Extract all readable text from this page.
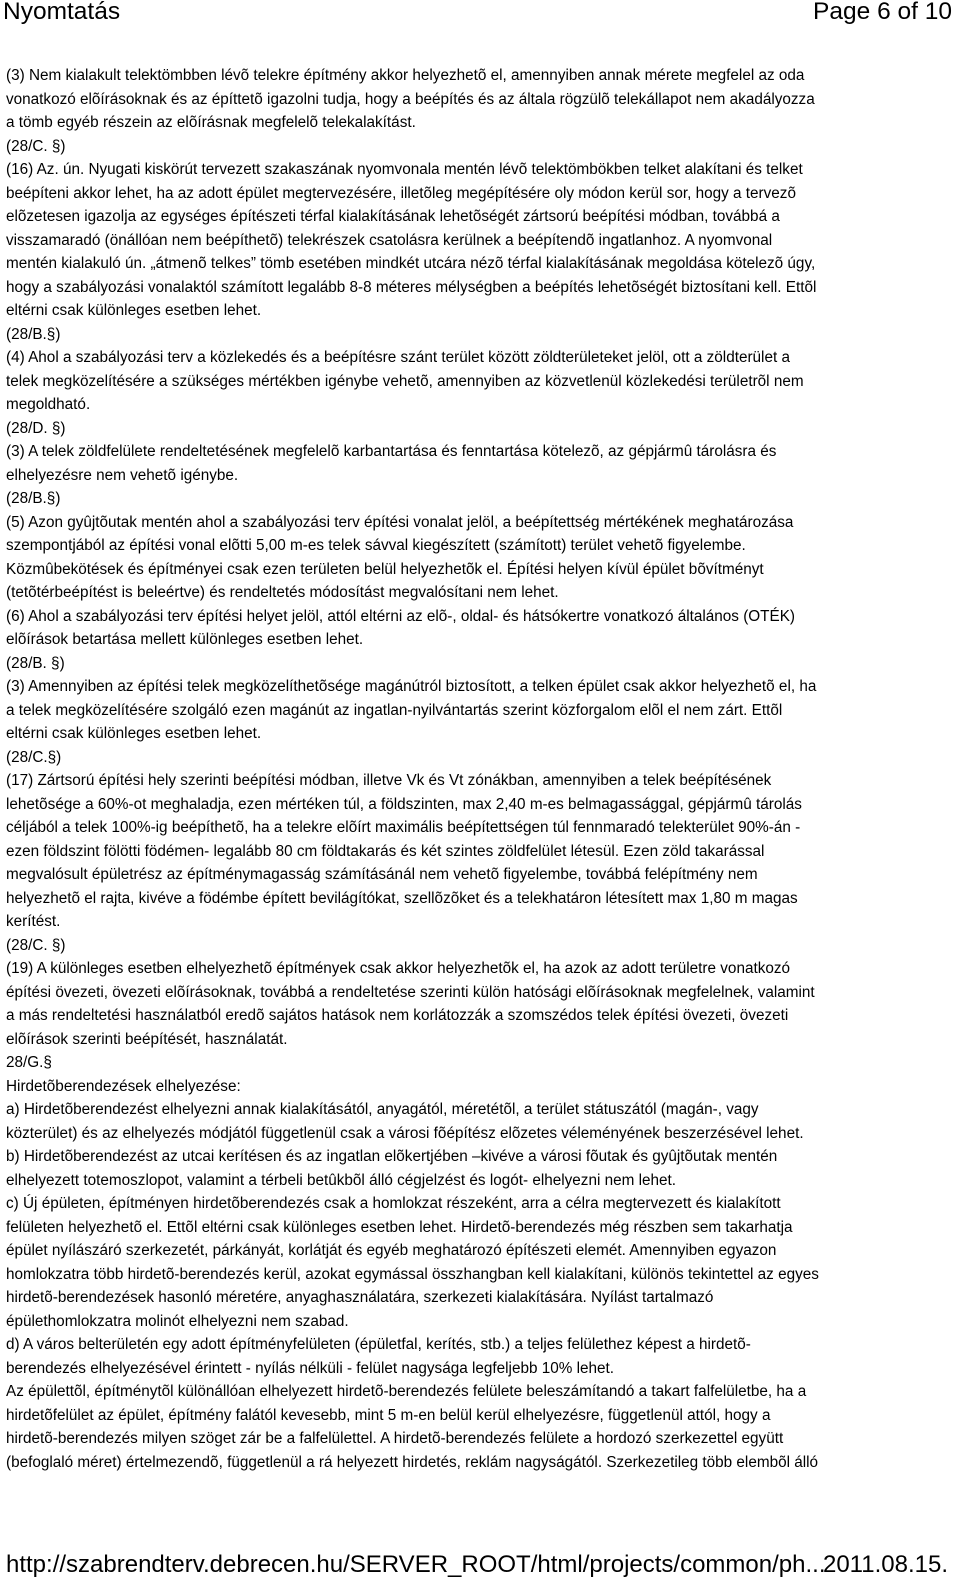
Nyomtatás	Page 6 of 10
(3) Nem kialakult telektömbben lévõ telekre építmény akkor helyezhetõ el, amennyiben annak mérete megfelel az oda
vonatkozó elõírásoknak és az építtetõ igazolni tudja, hogy a beépítés és az általa rögzülõ telekállapot nem akadályozza
a tömb egyéb részein az elõírásnak megfelelõ telekalakítást.
(28/C. §)
(16) Az. ún. Nyugati kiskörút tervezett szakaszának nyomvonala mentén lévõ telektömbökben telket alakítani és telket
beépíteni akkor lehet, ha az adott épület megtervezésére, illetõleg megépítésére oly módon kerül sor, hogy a tervezõ
elõzetesen igazolja az egységes építészeti térfal kialakításának lehetõségét zártsorú beépítési módban, továbbá a
visszamaradó (önállóan nem beépíthetõ) telekrészek csatolásra kerülnek a beépítendõ ingatlanhoz. A nyomvonal
mentén kialakuló ún. „átmenõ telkes” tömb esetében mindkét utcára nézõ térfal kialakításának megoldása kötelezõ úgy,
hogy a szabályozási vonalaktól számított legalább 8-8 méteres mélységben a beépítés lehetõségét biztosítani kell. Ettõl
eltérni csak különleges esetben lehet.
(28/B.§)
(4) Ahol a szabályozási terv a közlekedés és a beépítésre szánt terület között zöldterületeket jelöl, ott a zöldterület a
telek megközelítésére a szükséges mértékben igénybe vehetõ, amennyiben az közvetlenül közlekedési területrõl nem
megoldható.
(28/D. §)
(3) A telek zöldfelülete rendeltetésének megfelelõ karbantartása és fenntartása kötelezõ, az gépjármû tárolásra és
elhelyezésre nem vehetõ igénybe.
(28/B.§)
(5) Azon gyûjtõutak mentén ahol a szabályozási terv építési vonalat jelöl, a beépítettség mértékének meghatározása
szempontjából az építési vonal elõtti 5,00 m-es telek sávval kiegészített (számított) terület vehetõ figyelembe.
Közmûbekötések és építményei csak ezen területen belül helyezhetõk el. Építési helyen kívül épület bõvítményt
(tetõtérbeépítést is beleértve) és rendeltetés módosítást megvalósítani nem lehet.
(6) Ahol a szabályozási terv építési helyet jelöl, attól eltérni az elõ-, oldal- és hátsókertre vonatkozó általános (OTÉK)
elõírások betartása mellett különleges esetben lehet.
(28/B. §)
(3) Amennyiben az építési telek megközelíthetõsége magánútról biztosított, a telken épület csak akkor helyezhetõ el, ha
a telek megközelítésére szolgáló ezen magánút az ingatlan-nyilvántartás szerint közforgalom elõl el nem zárt. Ettõl
eltérni csak különleges esetben lehet.
(28/C.§)
(17) Zártsorú építési hely szerinti beépítési módban, illetve Vk és Vt zónákban, amennyiben a telek beépítésének
lehetõsége a 60%-ot meghaladja, ezen mértéken túl, a földszinten, max 2,40 m-es belmagassággal, gépjármû tárolás
céljából a telek 100%-ig beépíthetõ, ha a telekre elõírt maximális beépítettségen túl fennmaradó telekterület 90%-án -
ezen földszint fölötti födémen- legalább 80 cm földtakarás és két szintes zöldfelület létesül. Ezen zöld takarással
megvalósult épületrész az építménymagasság számításánál nem vehetõ figyelembe, továbbá felépítmény nem
helyezhetõ el rajta, kivéve a födémbe épített bevilágítókat, szellõzõket és a telekhatáron létesített max 1,80 m magas
kerítést.
(28/C. §)
(19) A különleges esetben elhelyezhetõ építmények csak akkor helyezhetõk el, ha azok az adott területre vonatkozó
építési övezeti, övezeti elõírásoknak, továbbá a rendeltetése szerinti külön hatósági elõírásoknak megfelelnek, valamint
a más rendeltetési használatból eredõ sajátos hatások nem korlátozzák a szomszédos telek építési övezeti, övezeti
elõírások szerinti beépítését, használatát.
28/G.§
Hirdetõberendezések elhelyezése:
a) Hirdetõberendezést elhelyezni annak kialakításától, anyagától, méretétõl, a terület státuszától (magán-, vagy
közterület) és az elhelyezés módjától függetlenül csak a városi fõépítész elõzetes véleményének beszerzésével lehet.
b) Hirdetõberendezést az utcai kerítésen és az ingatlan elõkertjében –kivéve a városi fõutak és gyûjtõutak mentén
elhelyezett totemoszlopot, valamint a térbeli betûkbõl álló cégjelzést és logót- elhelyezni nem lehet.
c) Új épületen, építményen hirdetõberendezés csak a homlokzat részeként, arra a célra megtervezett és kialakított
felületen helyezhetõ el. Ettõl eltérni csak különleges esetben lehet. Hirdetõ-berendezés még részben sem takarhatja
épület nyílászáró szerkezetét, párkányát, korlátját és egyéb meghatározó építészeti elemét. Amennyiben egyazon
homlokzatra több hirdetõ-berendezés kerül, azokat egymással összhangban kell kialakítani, különös tekintettel az egyes
hirdetõ-berendezések hasonló méretére, anyaghasználatára, szerkezeti kialakítására. Nyílást tartalmazó
épülethomlokzatra molinót elhelyezni nem szabad.
d) A város belterületén egy adott építményfelületen (épületfal, kerítés, stb.) a teljes felülethez képest a hirdetõ-
berendezés elhelyezésével érintett - nyílás nélküli - felület nagysága legfeljebb 10% lehet.
Az épülettõl, építménytõl különállóan elhelyezett hirdetõ-berendezés felülete beleszámítandó a takart falfelületbe, ha a
hirdetõfelület az épület, építmény falától kevesebb, mint 5 m-en belül kerül elhelyezésre, függetlenül attól, hogy a
hirdetõ-berendezés milyen szöget zár be a falfelülettel. A hirdetõ-berendezés felülete a hordozó szerkezettel együtt
(befoglaló méret) értelmezendõ, függetlenül a rá helyezett hirdetés, reklám nagyságától. Szerkezetileg több elembõl álló
http://szabrendterv.debrecen.hu/SERVER_ROOT/html/projects/common/ph...
2011.08.15.
